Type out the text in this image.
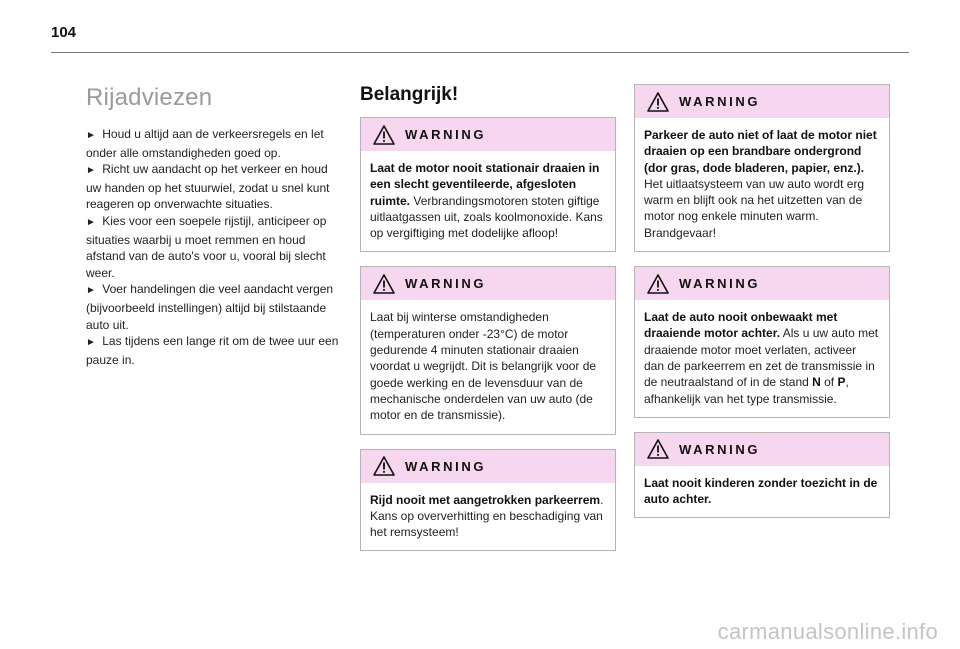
104
Rijadviezen

► Houd u altijd aan de verkeersregels en let onder alle omstandigheden goed op.

► Richt uw aandacht op het verkeer en houd uw handen op het stuurwiel, zodat u snel kunt reageren op onverwachte situaties.

► Kies voor een soepele rijstijl, anticipeer op situaties waarbij u moet remmen en houd afstand van de auto's voor u, vooral bij slecht weer.

► Voer handelingen die veel aandacht vergen (bijvoorbeeld instellingen) altijd bij stilstaande auto uit.

► Las tijdens een lange rit om de twee uur een pauze in.

Belangrijk!
WARNING
Laat de motor nooit stationair draaien in een slecht geventileerde, afgesloten ruimte. Verbrandingsmotoren stoten giftige uitlaatgassen uit, zoals koolmonoxide. Kans op vergiftiging met dodelijke afloop!
WARNING
Laat bij winterse omstandigheden (temperaturen onder -23°C) de motor gedurende 4 minuten stationair draaien voordat u wegrijdt. Dit is belangrijk voor de goede werking en de levensduur van de mechanische onderdelen van uw auto (de motor en de transmissie).
WARNING
Rijd nooit met aangetrokken parkeerrem. Kans op oververhitting en beschadiging van het remsysteem!
WARNING
Parkeer de auto niet of laat de motor niet draaien op een brandbare ondergrond (dor gras, dode bladeren, papier, enz.). Het uitlaatsysteem van uw auto wordt erg warm en blijft ook na het uitzetten van de motor nog enkele minuten warm. Brandgevaar!
WARNING
Laat de auto nooit onbewaakt met draaiende motor achter. Als u uw auto met draaiende motor moet verlaten, activeer dan de parkeerrem en zet de transmissie in de neutraalstand of in de stand N of P, afhankelijk van het type transmissie.
WARNING
Laat nooit kinderen zonder toezicht in de auto achter.
carmanualsonline.info
